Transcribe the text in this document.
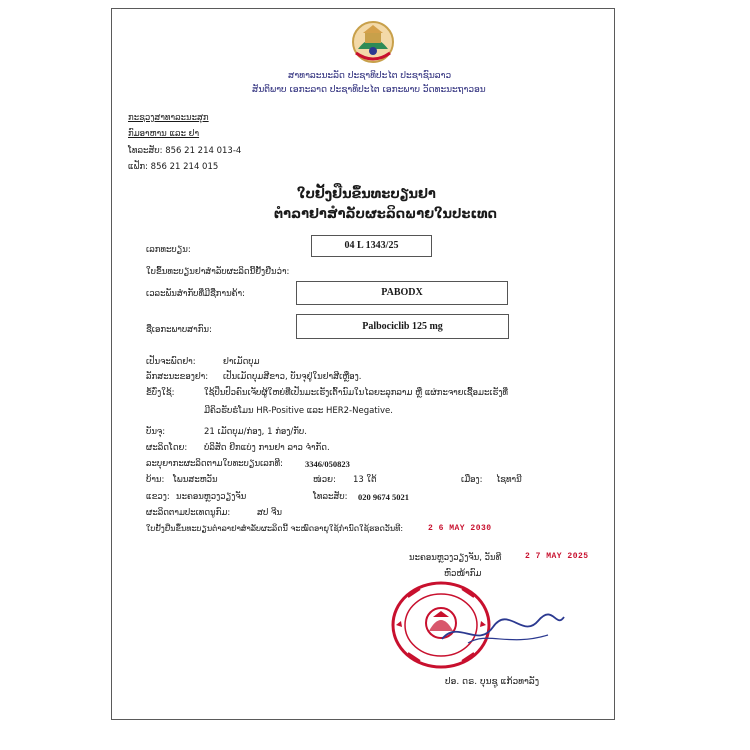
ສາທາລະນະລັດ ປະຊາທິປະໄຕ ປະຊາຊົນລາວ
ສັນຕິພາບ ເອກະລາດ ປະຊາທິປະໄຕ ເອກະພາບ ວັດທະນະຖາວອນ
ກະຊວງສາທາລະນະສຸກ
ກົມອາຫານ ແລະ ຢາ
ໂທລະສັບ: 856 21 214 013-4
ແຟັກ: 856 21 214 015
ໃບຢັ້ງຢືນຂຶ້ນທະບຽນຢາ
ຕຳລາຢາສຳລັບຜະລິດພາຍໃນປະເທດ
ເລກທະບຽນ:	04 L 1343/25
ໃບຂຶ້ນທະບຽນຢາສຳລັບຜະລິດນີ້ຢັ້ງຢືນວ່າ:
ເວລະພັນສຳກັບທີ່ມີຊື່ການຄ້າ:	PABODX
ຊື່ເອກະພາບສາກົນ:	Palbociclib 125 mg
ເປັນຈະພົດຢາ:	ຢາເມັດບຸມ
ລັກສະນະຂອງຢາ: ເປັນເມັດບຸມສີຂາວ, ບັນຈຸຢູ່ໃນຢາສີເຫຼືອງ.
ຂໍ້ບົ່ງໃຊ້:	ໃຊ້ປິ່ນປົວຄົນເຈັບຜູ້ໃຫຍ່ທີ່ເປັນມະເຮັງເຕົ້ານົມໃນໄລຍະລຸກລາມ ຫຼື ແຜ່ກະຈາຍເຊື້ອມະເຮັງທີ່
ມີຄິວຮັບຮໍໂມນ HR-Positive ແລະ HER2-Negative.
ບັນຈຸ:	21 ເມັດບຸມ/ກ່ອງ, 1 ກ່ອງ/ກັບ.
ຜະລິດໂດຍ: ບໍລິສັດ ຢິກແບ່ງ ການຢາ ລາວ ຈຳກັດ.
ລະບຸຍາກະຜະລິດຕາມໃບທະບຽນເລກທີ:	3346/050823
ບ້ານ: ໂພນສະຫວັນ	ໜ່ວຍ: 13 ໃຕ້	ເມືອງ: ໄຊທານີ
ແຂວງ: ນະຄອນຫຼວງວຽງຈັນ	ໂທລະສັບ: 020 9674 5021
ຜະລິດຕາມປະເທດນູກົມ:	ສປ ຈີນ
ໃບຢັ້ງຢືນຂຶ້ນທະບຽນຕຳລາຢາສຳລັບຜະລິດນີ້ ຈະໝົດອາຍຸໃຊ້ກຳນົດໃຊ້ຮອດວັນທີ:	2 6 MAY 2030
ນະຄອນຫຼວງວຽງຈັນ, ວັນທີ	2 7 MAY 2025
ຫົວໜ້າກົມ
ປອ. ດຣ. ບຸນຊູ ແກ້ວທາລັງ
